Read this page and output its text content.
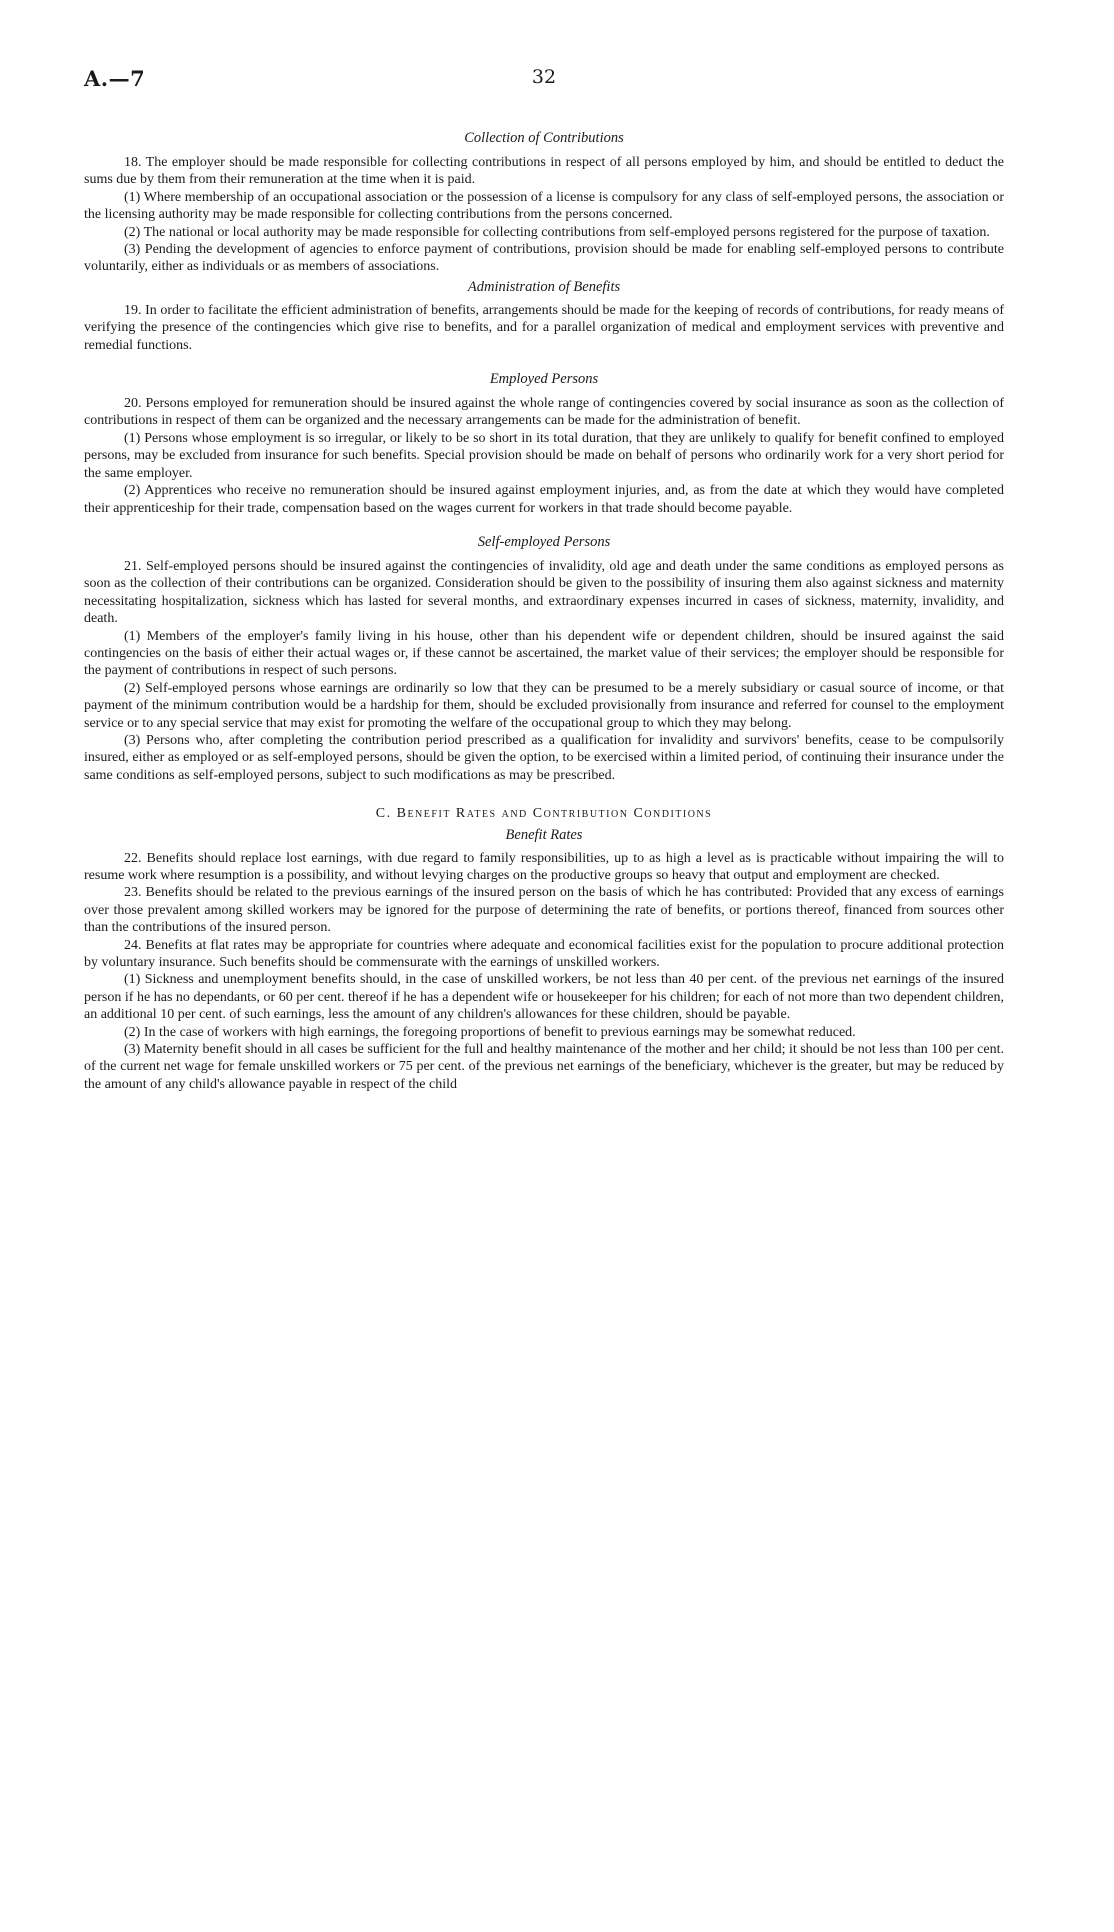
A.—7	32
Collection of Contributions

18. The employer should be made responsible for collecting contributions in respect of all persons employed by him, and should be entitled to deduct the sums due by them from their remuneration at the time when it is paid.

(1) Where membership of an occupational association or the possession of a license is compulsory for any class of self-employed persons, the association or the licensing authority may be made responsible for collecting contributions from the persons concerned.

(2) The national or local authority may be made responsible for collecting contributions from self-employed persons registered for the purpose of taxation.

(3) Pending the development of agencies to enforce payment of contributions, provision should be made for enabling self-employed persons to contribute voluntarily, either as individuals or as members of associations.

Administration of Benefits

19. In order to facilitate the efficient administration of benefits, arrangements should be made for the keeping of records of contributions, for ready means of verifying the presence of the contingencies which give rise to benefits, and for a parallel organization of medical and employment services with preventive and remedial functions.

Employed Persons

20. Persons employed for remuneration should be insured against the whole range of contingencies covered by social insurance as soon as the collection of contributions in respect of them can be organized and the necessary arrangements can be made for the administration of benefit.

(1) Persons whose employment is so irregular, or likely to be so short in its total duration, that they are unlikely to qualify for benefit confined to employed persons, may be excluded from insurance for such benefits. Special provision should be made on behalf of persons who ordinarily work for a very short period for the same employer.

(2) Apprentices who receive no remuneration should be insured against employment injuries, and, as from the date at which they would have completed their apprenticeship for their trade, compensation based on the wages current for workers in that trade should become payable.

Self-employed Persons

21. Self-employed persons should be insured against the contingencies of invalidity, old age and death under the same conditions as employed persons as soon as the collection of their contributions can be organized. Consideration should be given to the possibility of insuring them also against sickness and maternity necessitating hospitalization, sickness which has lasted for several months, and extraordinary expenses incurred in cases of sickness, maternity, invalidity, and death.

(1) Members of the employer's family living in his house, other than his dependent wife or dependent children, should be insured against the said contingencies on the basis of either their actual wages or, if these cannot be ascertained, the market value of their services; the employer should be responsible for the payment of contributions in respect of such persons.

(2) Self-employed persons whose earnings are ordinarily so low that they can be presumed to be a merely subsidiary or casual source of income, or that payment of the minimum contribution would be a hardship for them, should be excluded provisionally from insurance and referred for counsel to the employment service or to any special service that may exist for promoting the welfare of the occupational group to which they may belong.

(3) Persons who, after completing the contribution period prescribed as a qualification for invalidity and survivors' benefits, cease to be compulsorily insured, either as employed or as self-employed persons, should be given the option, to be exercised within a limited period, of continuing their insurance under the same conditions as self-employed persons, subject to such modifications as may be prescribed.

C. Benefit Rates and Contribution Conditions
Benefit Rates

22. Benefits should replace lost earnings, with due regard to family responsibilities, up to as high a level as is practicable without impairing the will to resume work where resumption is a possibility, and without levying charges on the productive groups so heavy that output and employment are checked.

23. Benefits should be related to the previous earnings of the insured person on the basis of which he has contributed: Provided that any excess of earnings over those prevalent among skilled workers may be ignored for the purpose of determining the rate of benefits, or portions thereof, financed from sources other than the contributions of the insured person.

24. Benefits at flat rates may be appropriate for countries where adequate and economical facilities exist for the population to procure additional protection by voluntary insurance. Such benefits should be commensurate with the earnings of unskilled workers.

(1) Sickness and unemployment benefits should, in the case of unskilled workers, be not less than 40 per cent. of the previous net earnings of the insured person if he has no dependants, or 60 per cent. thereof if he has a dependent wife or housekeeper for his children; for each of not more than two dependent children, an additional 10 per cent. of such earnings, less the amount of any children's allowances for these children, should be payable.

(2) In the case of workers with high earnings, the foregoing proportions of benefit to previous earnings may be somewhat reduced.

(3) Maternity benefit should in all cases be sufficient for the full and healthy maintenance of the mother and her child; it should be not less than 100 per cent. of the current net wage for female unskilled workers or 75 per cent. of the previous net earnings of the beneficiary, whichever is the greater, but may be reduced by the amount of any child's allowance payable in respect of the child
